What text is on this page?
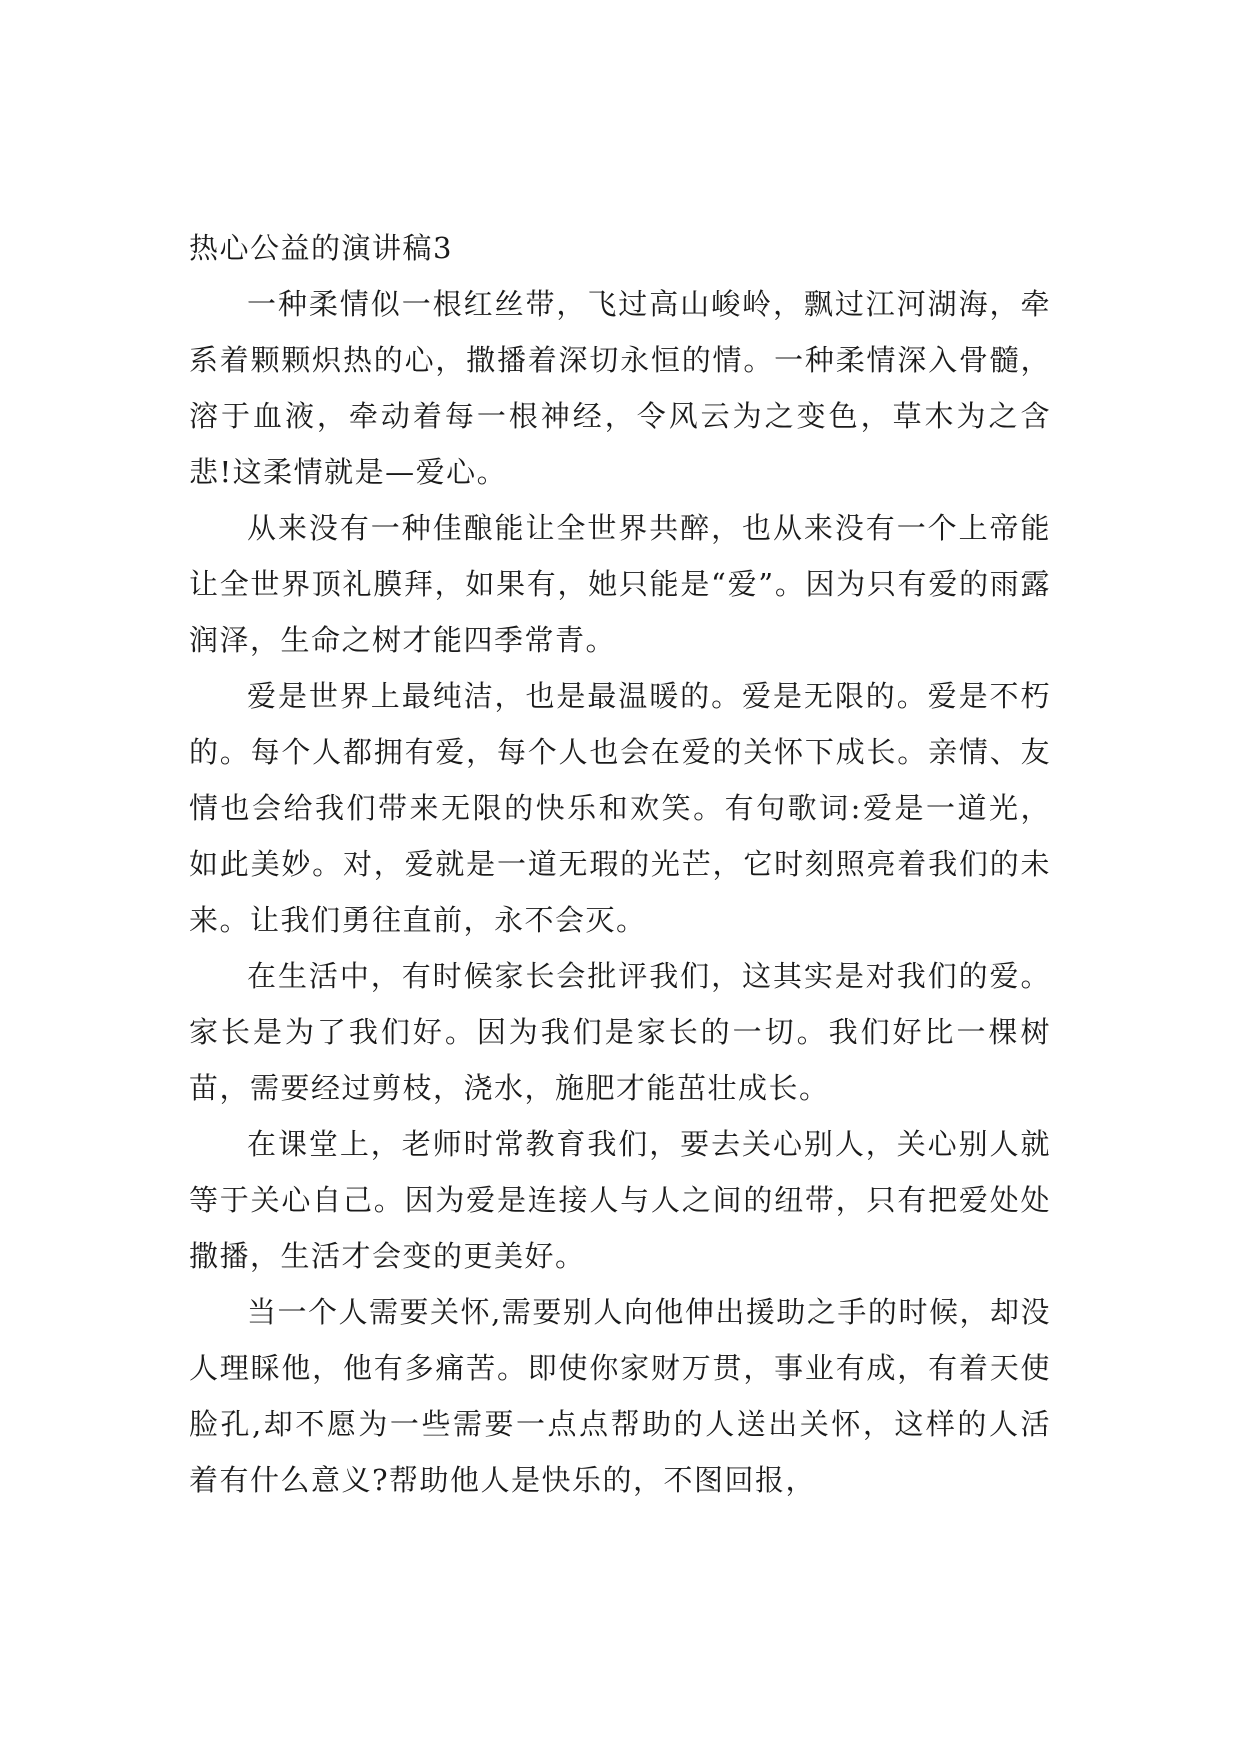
热心公益的演讲稿3

一种柔情似一根红丝带，飞过高山峻岭，飘过江河湖海，牵系着颗颗炽热的心，撒播着深切永恒的情。一种柔情深入骨髓，溶于血液，牵动着每一根神经，令风云为之变色，草木为之含悲!这柔情就是—爱心。

从来没有一种佳酿能让全世界共醉，也从来没有一个上帝能让全世界顶礼膜拜，如果有，她只能是“爱”。因为只有爱的雨露润泽，生命之树才能四季常青。

爱是世界上最纯洁，也是最温暖的。爱是无限的。爱是不朽的。每个人都拥有爱，每个人也会在爱的关怀下成长。亲情、友情也会给我们带来无限的快乐和欢笑。有句歌词:爱是一道光，如此美妙。对，爱就是一道无瑕的光芒，它时刻照亮着我们的未来。让我们勇往直前，永不会灭。

在生活中，有时候家长会批评我们，这其实是对我们的爱。家长是为了我们好。因为我们是家长的一切。我们好比一棵树苗，需要经过剪枝，浇水，施肥才能茁壮成长。

在课堂上，老师时常教育我们，要去关心别人，关心别人就等于关心自己。因为爱是连接人与人之间的纽带，只有把爱处处撒播，生活才会变的更美好。

当一个人需要关怀,需要别人向他伸出援助之手的时候，却没人理睬他，他有多痛苦。即使你家财万贯，事业有成，有着天使脸孔,却不愿为一些需要一点点帮助的人送出关怀，这样的人活着有什么意义?帮助他人是快乐的，不图回报，
